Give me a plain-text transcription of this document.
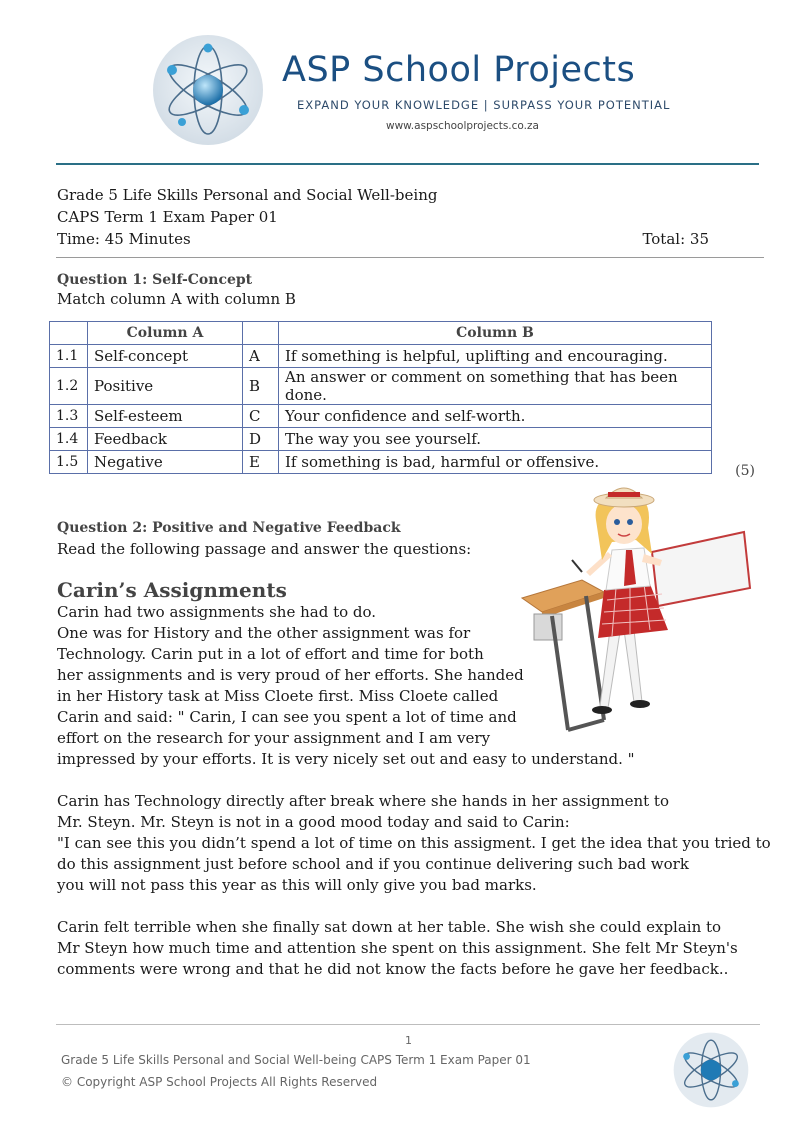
ASP School Projects
EXPAND YOUR KNOWLEDGE | SURPASS YOUR POTENTIAL
www.aspschoolprojects.co.za
Grade 5 Life Skills Personal and Social Well-being
CAPS Term 1 Exam Paper 01
Time: 45 Minutes	Total: 35
Question 1: Self-Concept
Match column A with column B
	Column A		Column B
1.1	Self-concept	A	If something is helpful, uplifting and encouraging.
1.2	Positive	B	An answer or comment on something that has been done.
1.3	Self-esteem	C	Your confidence and self-worth.
1.4	Feedback	D	The way you see yourself.
1.5	Negative	E	If something is bad, harmful or offensive.	(5)
Question 2: Positive and Negative Feedback
Read the following passage and answer the questions:
Carin’s Assignments
Carin had two assignments she had to do.
One was for History and the other assignment was for
Technology. Carin put in a lot of effort and time for both
her assignments and is very proud of her efforts. She handed
in her History task at Miss Cloete first. Miss Cloete called
Carin and said: " Carin, I can see you spent a lot of time and
effort on the research for your assignment and I am very
impressed by your efforts. It is very nicely set out and easy to understand. "
Carin has Technology directly after break where she hands in her assignment to
Mr. Steyn. Mr. Steyn is not in a good mood today and said to Carin:
"I can see this you didn’t spend a lot of time on this assigment. I get the idea that you tried to
do this assignment just before school and if you continue delivering such bad work
you will not pass this year as this will only give you bad marks.
Carin felt terrible when she finally sat down at her table. She wish she could explain to
Mr Steyn how much time and attention she spent on this assignment. She felt Mr Steyn's
comments were wrong and that he did not know the facts before he gave her feedback..
1
Grade 5 Life Skills Personal and Social Well-being CAPS Term 1 Exam Paper 01
© Copyright ASP School Projects All Rights Reserved
